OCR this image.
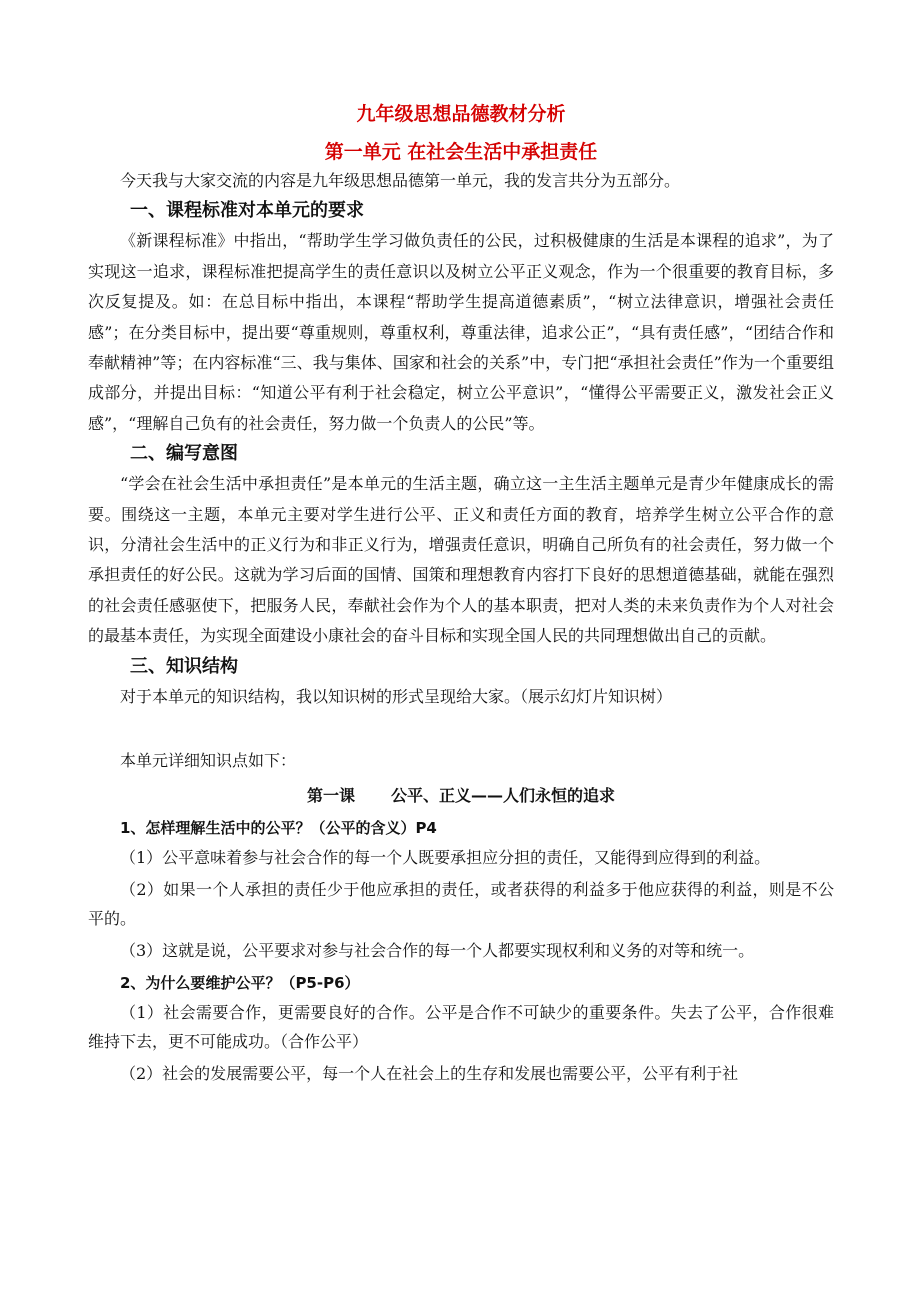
九年级思想品德教材分析
第一单元 在社会生活中承担责任

今天我与大家交流的内容是九年级思想品德第一单元，我的发言共分为五部分。

一、课程标准对本单元的要求

《新课程标准》中指出，“帮助学生学习做负责任的公民，过积极健康的生活是本课程的追求”，为了实现这一追求，课程标准把提高学生的责任意识以及树立公平正义观念，作为一个很重要的教育目标，多次反复提及。如：在总目标中指出，本课程“帮助学生提高道德素质”，“树立法律意识，增强社会责任感”；在分类目标中，提出要“尊重规则，尊重权利，尊重法律，追求公正”，“具有责任感”，“团结合作和奉献精神”等；在内容标准“三、我与集体、国家和社会的关系”中，专门把“承担社会责任”作为一个重要组成部分，并提出目标：“知道公平有利于社会稳定，树立公平意识”，“懂得公平需要正义，激发社会正义感”，“理解自己负有的社会责任，努力做一个负责人的公民”等。

二、编写意图

“学会在社会生活中承担责任”是本单元的生活主题，确立这一主生活主题单元是青少年健康成长的需要。围绕这一主题，本单元主要对学生进行公平、正义和责任方面的教育，培养学生树立公平合作的意识，分清社会生活中的正义行为和非正义行为，增强责任意识，明确自己所负有的社会责任，努力做一个承担责任的好公民。这就为学习后面的国情、国策和理想教育内容打下良好的思想道德基础，就能在强烈的社会责任感驱使下，把服务人民，奉献社会作为个人的基本职责，把对人类的未来负责作为个人对社会的最基本责任，为实现全面建设小康社会的奋斗目标和实现全国人民的共同理想做出自己的贡献。

三、知识结构

对于本单元的知识结构，我以知识树的形式呈现给大家。（展示幻灯片知识树）

本单元详细知识点如下：

第一课 公平、正义——人们永恒的追求
1、怎样理解生活中的公平？（公平的含义）P4

（1）公平意味着参与社会合作的每一个人既要承担应分担的责任，又能得到应得到的利益。

（2）如果一个人承担的责任少于他应承担的责任，或者获得的利益多于他应获得的利益，则是不公平的。

（3）这就是说，公平要求对参与社会合作的每一个人都要实现权利和义务的对等和统一。

2、为什么要维护公平？（P5-P6）

（1）社会需要合作，更需要良好的合作。公平是合作不可缺少的重要条件。失去了公平，合作很难维持下去，更不可能成功。（合作公平）

（2）社会的发展需要公平，每一个人在社会上的生存和发展也需要公平，公平有利于社
